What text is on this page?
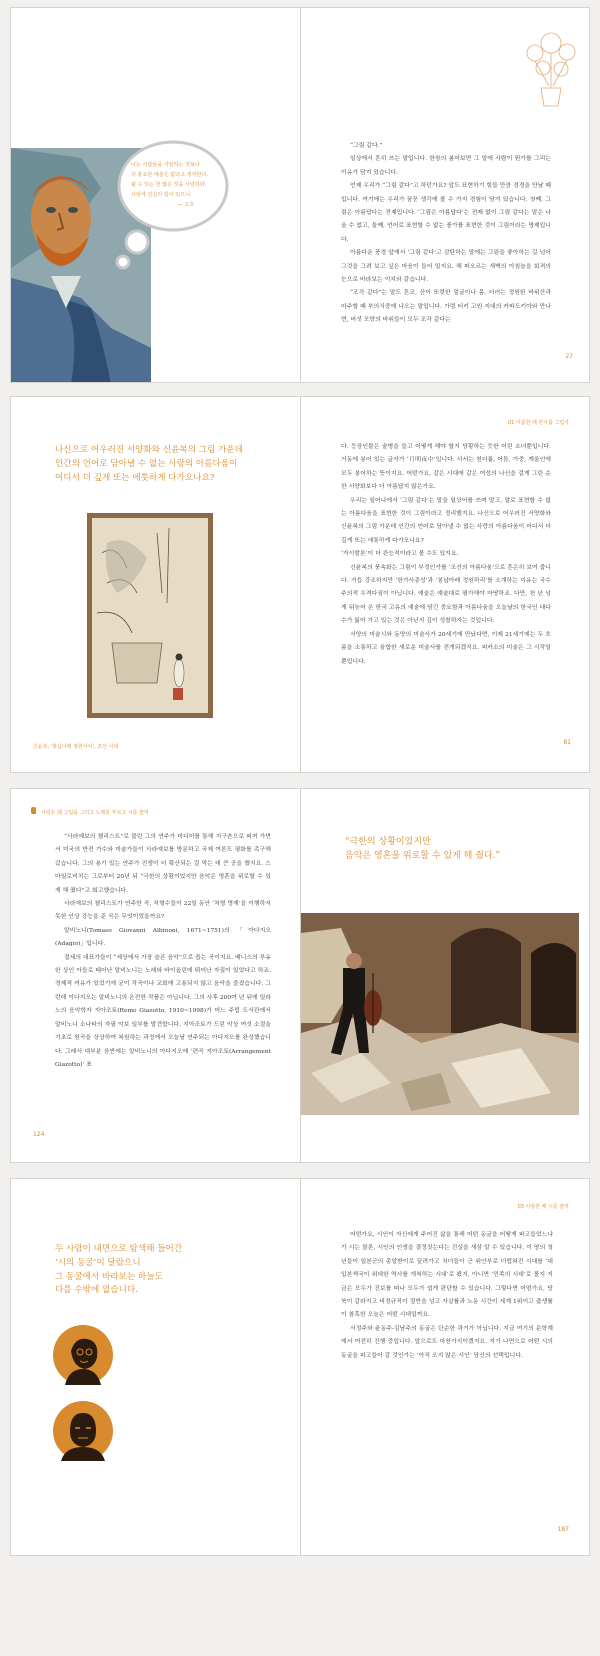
나는 사람들을 사랑하는 것보다
더 충요한 예술은 없다고 생각한다.
될 수 있는 한 많은 것을 사랑하라.
사랑에 진실의 힘이 있으니.
— 고흐

“그림 같다.”

일상에서 흔히 쓰는 말입니다. 한창의 봄어보면 그 말에 사람이 뭔가를 그리는 이유가 담겨 있습니다.

언제 우리가 “그림 같다”고 하던가요? 앞도 표현하기 힘들 만큼 경경을 만날 때입니다. 여기에는 우리가 꿈꾼 생각에 볼 수 가지 경험이 담겨 있습니다. 첫째, 그림은 아름답다는 전제입니다. ‘그림은 아름답다’는 전제 없이 그림 같다는 말은 나올 수 없고, 둘째, 언어로 표현할 수 없는 풍가를 표현한 것이 그림이라는 명제입니다.

아름다운 풍경 앞에서 ‘그림 같다’고 감탄하는 말에는 그림을 좋아하는 길 넘어 그것을 그려 보고 싶은 마음이 들어 있지요. 해 떠오르는 새벽의 아침놀을 회격의 눈으로 바라보는 이치와 같습니다.

“조각 같다”는 말도 흔코, 산이 또렷한 얼굴이나 몸, 더러는 정원한 바위산과 마주할 때 부의식중에 나오는 말입니다. 가령 터키 고원 지대의 카파도키아와 만나면, 버섯 모양의 바위들이 모두 조각 같다는

27
나신으로 어우러진 서양화와 신윤복의 그림 가운데
인간의 언어로 담아낼 수 없는 사랑의 아름다움이
어디서 더 깊게 또는 애틋하게 다가오나요?
신윤복, ‘봉납아래 정원아이’, 조선 시대
01 아름한 때 한가롭 그림자

다. 등장인물은 술병을 들고 어떻게 해야 할지 당황하는 듯한 어린 소녀뿐입니다. 거동에 봉어 있는 글자가 ‘月明夜中’입니다. 사서는 천더롭, 어둠, 가중, 계울인에 모두 봉어하는 뜻이지요. 어떤가요, 같은 시대에 같은 여성의 나신을 걸게 그린 순한 서양화보다 더 아름답지 않은가요.

우리는 일어나에서 ‘그림 같다’는 말을 일상어를 쓰며 말고, 말로 표현할 수 없는 아름다움을 표현한 것이 그림이라고 정리했지요. 나신으로 어우러진 서양화와 신윤복의 그림 가운데 인간의 언어로 담아낼 수 없는 사랑의 아름다움이 어디서 더 깊게 또는 애틋하게 다가오나요?

‘자시발론’이 더 관능적이라고 볼 수도 있지요.

신윤복의 풍속화는 그림이 부정인가를 ‘조선의 아름다움’으로 흔은히 보여 줍니다. 거듭 강조하지만 ‘한가사종성’과 ‘봉납아래 정원하리’를 소개하는 이유는 국수주의적 우격다짐이 아닙니다. 예술은 예술대로 평가해야 마땅하죠. 다만, 천 년 넘게 뒤늦어 온 한국 고유의 예술에 담긴 중요함과 아름다움을 오늘날의 한국인 대다수가 잃어 가고 있는 것은 아닌지 깊이 성찰하자는 것입니다.

서양의 미술시와 동양의 미술사가 20세기에 만났다면, 이제 21세기에는 두 흐름을 소통하고 융합한 새로운 미술사를 전개되겠지요. 피카소의 미술은 그 시작일 뿐입니다.

81
사랑은 왜 그림을 그리고 노래를 부르고 시를 쓸까

“사라예보의 첼리스트”로 불린 그의 연주가 미디어를 통해 지구촌으로 퍼져 가면서 미국의 반전 가수와 미술가들이 사라예보를 방문하고 국제 여론도 평화를 촉구해 갔습니다. 그의 용기 있는 연주가 전쟁이 더 확산되는 걸 막는 데 큰 공을 했지요. 스마일로비치는 그로부터 20년 뒤 “극한의 상황이었지만 음악은 영혼을 위로할 수 있게 해 줬다”고 회고했습니다.

사라예보의 첼리스트가 연주한 곡, 처형수들이 22일 동안 ‘처형 영재’을 이행하지 못한 인상 강능을 준 곡은 무엇이었을까요?

알비노니(Tomaso Giovanni Albinoni, 1671~1751)의 「아다지오(Adagio)」입니다.

절세의 대표가들이 “세상에서 가장 슬픈 음악”으로 꼽는 곡이지요. 베니스의 부유한 상인 아들로 태어난 알비노니는 노래와 바이올린에 뛰어난 자질이 있었다고 하죠. 경제적 여유가 있었기에 궁이 작곡이나 교회에 고용되지 않고 음악을 즐겼습니다. 그런데 이다지오는 알비노니의 온전한 작품은 아닙니다. 그의 사후 200여 년 뒤에 밀라노의 음악학자 지아조토(Remo Giazotto, 1910~1998)가 어느 주립 도서관에서 알비노니 소나타의 자필 악보 일부를 발견합니다. 지아조토가 드린 악상 여섯 소절을 기초로 원곡을 상상하여 복원하는 과정에서 오늘날 연주되는 아다지오를 완성했습니다. 그래서 대부분 음반에는 알비노니의 아다지오에 ‘편곡 지아조토(Arrangement Giazotto)’ 표

124
“극한의 상황이었지만
음악은 영혼을 위로할 수 있게 해 줬다.”
두 사람이 내면으로 탐색해 들어간
‘시의 동굴’이 달랐으니
그 동굴에서 바라보는 하늘도
다를 수밖에 없습니다.
03 사랑한 때 시를 쓸까

어떤가요, 시인이 자신에게 주어진 삶을 통해 어떤 동굴을 어떻게 파고들었느냐가 시는 물론, 시인의 인생을 결정짓는다는 진실을 새삼 알 수 있습니다. 이 땅의 청년들이 일본군의 총알받이로 끌려가고 처녀들이 군 위안부로 더럽혀진 시대를 ‘대입본색국이 위대한 역사를 개척하는 시대’로 봤지, 아니면 ‘민족의 시대’로 볼지 지금은 모두가 진보를 떠나 모두가 쉽게 판단할 수 있습니다. 그렇다면 어떤가요, 당북이 갈라지고 비정규직이 절반을 넘고 자살률과 노동 시간이 세계 1위이고 출생률이 참혹한 오늘은 어떤 시대일까요.

서정주와 윤동주-김남주의 동굴은 단순한 과거가 아닙니다. 지금 여기의 문학계에서 여전히 진행 중입니다. 앞으로도 마찬가지이겠지요. 지기 나면으로 어떤 시의 동굴을 파고들어 갈 것인가는 ‘아직 오지 않은 시인’ 당신의 선택입니다.

187
